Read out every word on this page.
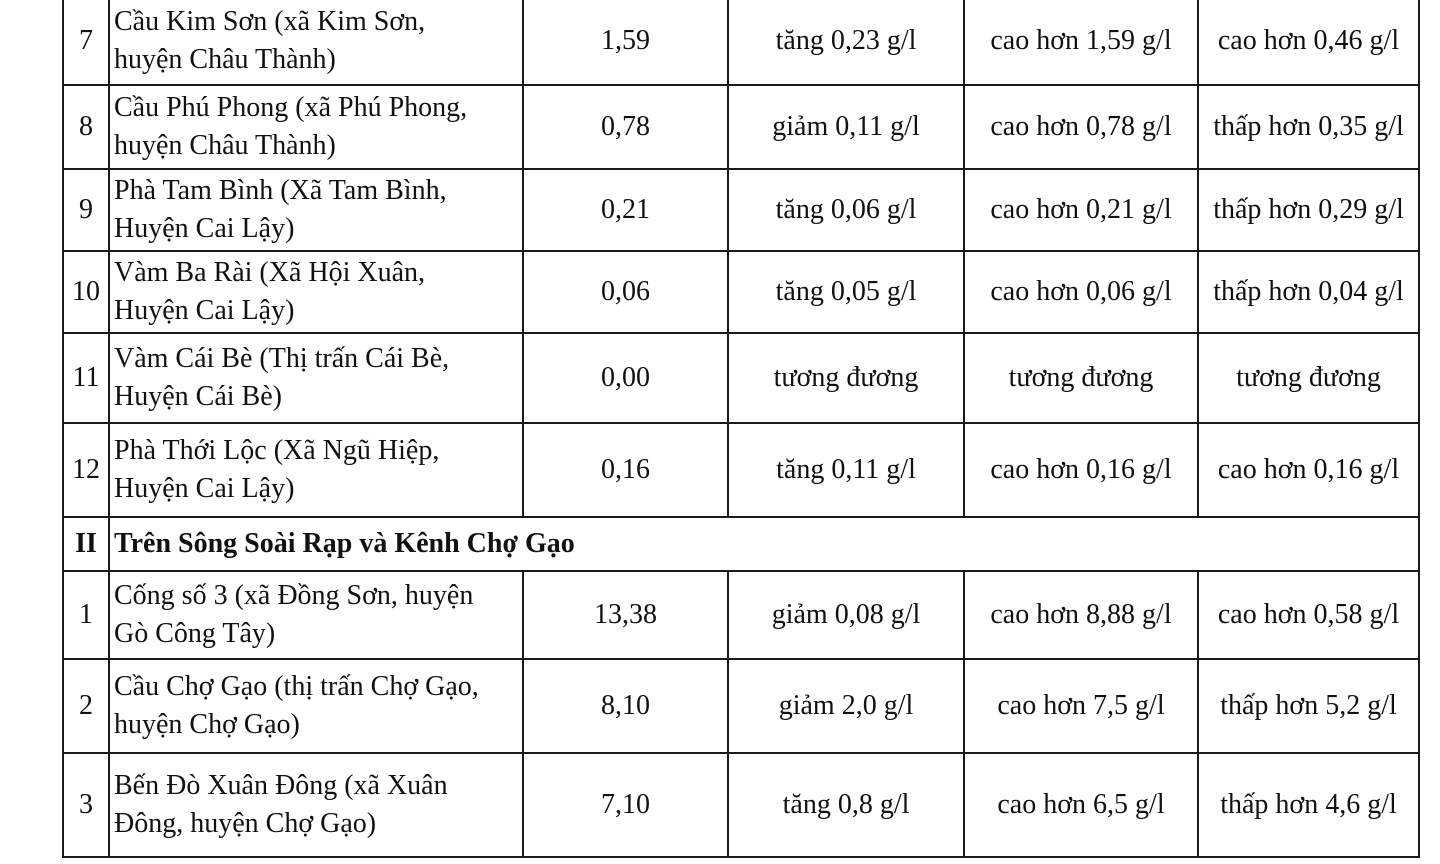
7	Cầu Kim Sơn (xã Kim Sơn,
huyện Châu Thành)	1,59	tăng 0,23 g/l	cao hơn 1,59 g/l	cao hơn 0,46 g/l
8	Cầu Phú Phong (xã Phú Phong,
huyện Châu Thành)	0,78	giảm 0,11 g/l	cao hơn 0,78 g/l	thấp hơn 0,35 g/l
9	Phà Tam Bình (Xã Tam Bình,
Huyện Cai Lậy)	0,21	tăng 0,06 g/l	cao hơn 0,21 g/l	thấp hơn 0,29 g/l
10	Vàm Ba Rài (Xã Hội Xuân,
Huyện Cai Lậy)	0,06	tăng 0,05 g/l	cao hơn 0,06 g/l	thấp hơn 0,04 g/l
11	Vàm Cái Bè (Thị trấn Cái Bè,
Huyện Cái Bè)	0,00	tương đương	tương đương	tương đương
12	Phà Thới Lộc (Xã Ngũ Hiệp,
Huyện Cai Lậy)	0,16	tăng 0,11 g/l	cao hơn 0,16 g/l	cao hơn 0,16 g/l
II	Trên Sông Soài Rạp và Kênh Chợ Gạo				
1	Cống số 3 (xã Đồng Sơn, huyện
Gò Công Tây)	13,38	giảm 0,08 g/l	cao hơn 8,88 g/l	cao hơn 0,58 g/l
2	Cầu Chợ Gạo (thị trấn Chợ Gạo,
huyện Chợ Gạo)	8,10	giảm 2,0 g/l	cao hơn 7,5 g/l	thấp hơn 5,2 g/l
3	Bến Đò Xuân Đông (xã Xuân
Đông, huyện Chợ Gạo)	7,10	tăng 0,8 g/l	cao hơn 6,5 g/l	thấp hơn 4,6 g/l
